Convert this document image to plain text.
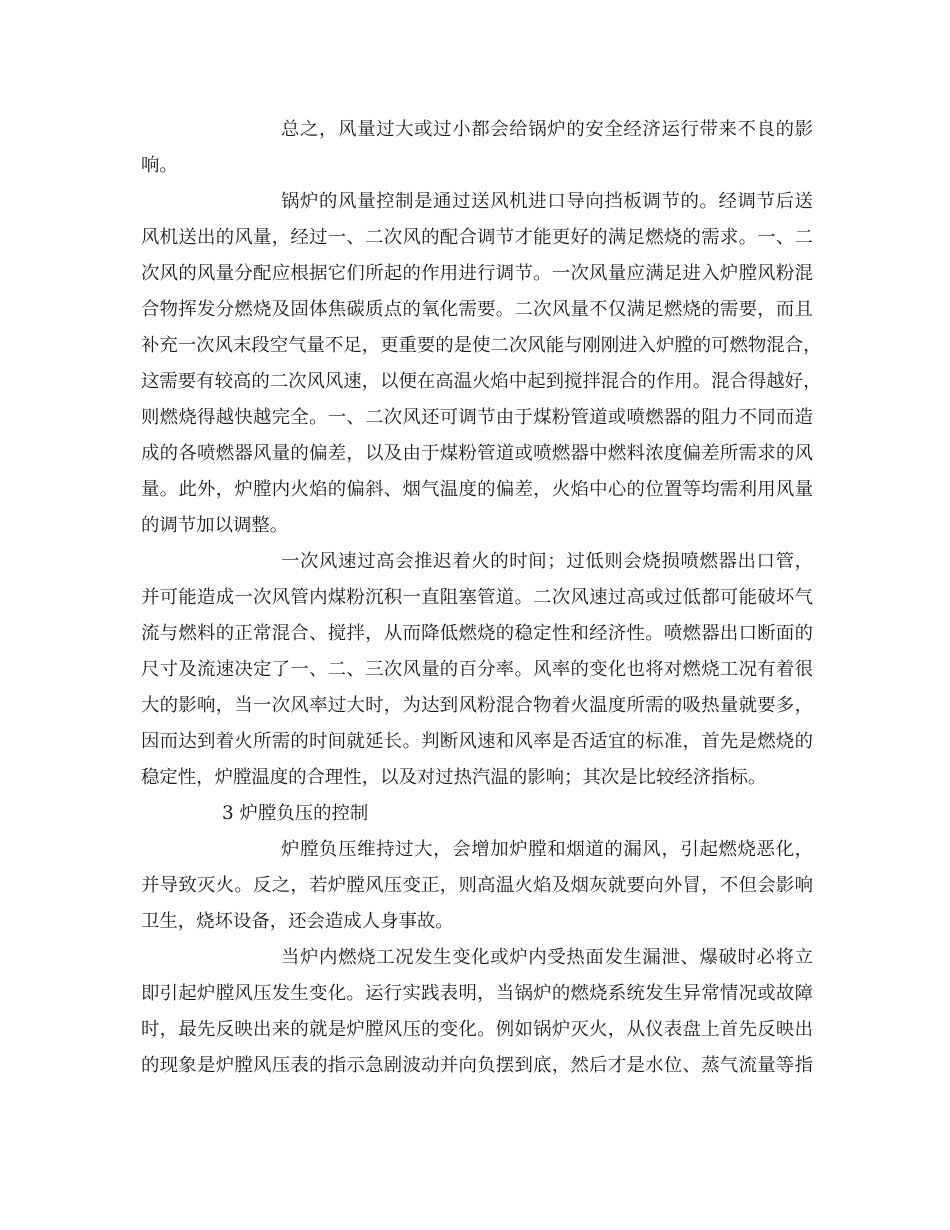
总之，风量过大或过小都会给锅炉的安全经济运行带来不良的影
响。
锅炉的风量控制是通过送风机进口导向挡板调节的。经调节后送
风机送出的风量，经过一、二次风的配合调节才能更好的满足燃烧的需求。一、二
次风的风量分配应根据它们所起的作用进行调节。一次风量应满足进入炉膛风粉混
合物挥发分燃烧及固体焦碳质点的氧化需要。二次风量不仅满足燃烧的需要，而且
补充一次风末段空气量不足，更重要的是使二次风能与刚刚进入炉膛的可燃物混合，
这需要有较高的二次风风速，以便在高温火焰中起到搅拌混合的作用。混合得越好，
则燃烧得越快越完全。一、二次风还可调节由于煤粉管道或喷燃器的阻力不同而造
成的各喷燃器风量的偏差，以及由于煤粉管道或喷燃器中燃料浓度偏差所需求的风
量。此外，炉膛内火焰的偏斜、烟气温度的偏差，火焰中心的位置等均需利用风量
的调节加以调整。
一次风速过高会推迟着火的时间；过低则会烧损喷燃器出口管，
并可能造成一次风管内煤粉沉积一直阻塞管道。二次风速过高或过低都可能破坏气
流与燃料的正常混合、搅拌，从而降低燃烧的稳定性和经济性。喷燃器出口断面的
尺寸及流速决定了一、二、三次风量的百分率。风率的变化也将对燃烧工况有着很
大的影响，当一次风率过大时，为达到风粉混合物着火温度所需的吸热量就要多，
因而达到着火所需的时间就延长。判断风速和风率是否适宜的标准，首先是燃烧的
稳定性，炉膛温度的合理性，以及对过热汽温的影响；其次是比较经济指标。
3 炉膛负压的控制
炉膛负压维持过大，会增加炉膛和烟道的漏风，引起燃烧恶化，
并导致灭火。反之，若炉膛风压变正，则高温火焰及烟灰就要向外冒，不但会影响
卫生，烧坏设备，还会造成人身事故。
当炉内燃烧工况发生变化或炉内受热面发生漏泄、爆破时必将立
即引起炉膛风压发生变化。运行实践表明，当锅炉的燃烧系统发生异常情况或故障
时，最先反映出来的就是炉膛风压的变化。例如锅炉灭火，从仪表盘上首先反映出
的现象是炉膛风压表的指示急剧波动并向负摆到底，然后才是水位、蒸气流量等指
